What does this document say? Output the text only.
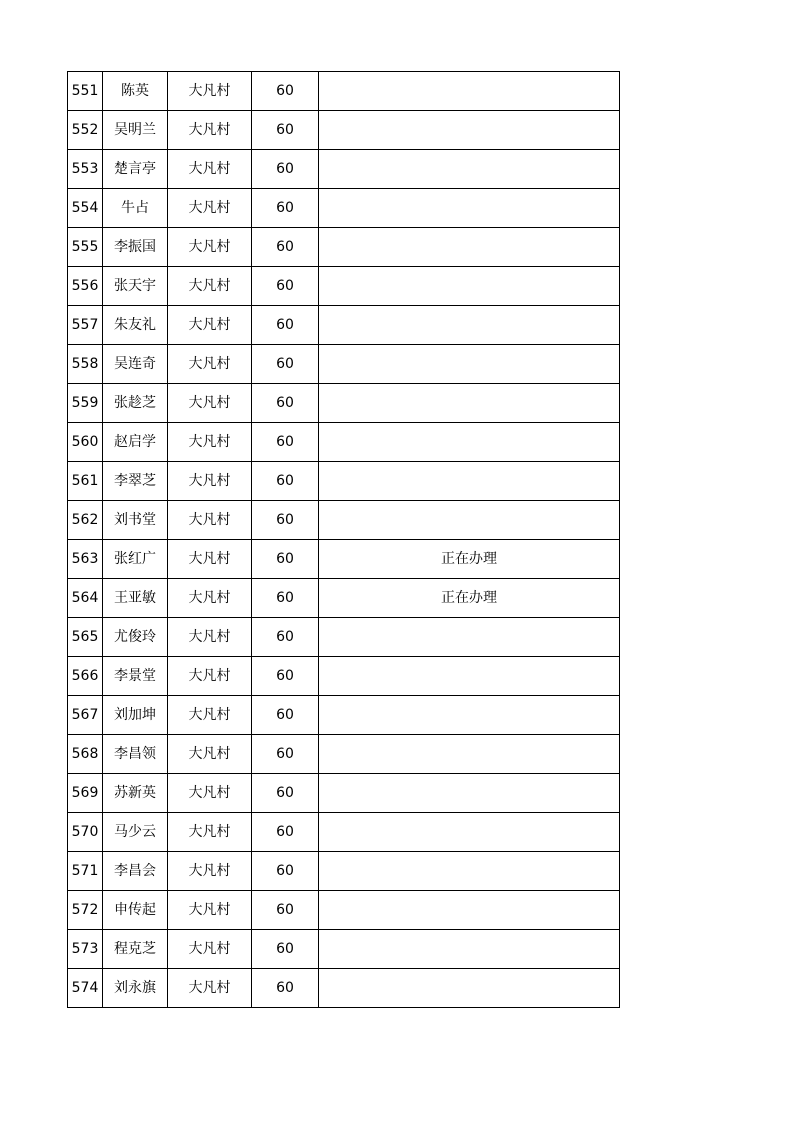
551	陈英	大凡村	60	
552	吴明兰	大凡村	60	
553	楚言亭	大凡村	60	
554	牛占	大凡村	60	
555	李振国	大凡村	60	
556	张天宇	大凡村	60	
557	朱友礼	大凡村	60	
558	吴连奇	大凡村	60	
559	张趁芝	大凡村	60	
560	赵启学	大凡村	60	
561	李翠芝	大凡村	60	
562	刘书堂	大凡村	60	
563	张红广	大凡村	60	正在办理
564	王亚敏	大凡村	60	正在办理
565	尤俊玲	大凡村	60	
566	李景堂	大凡村	60	
567	刘加坤	大凡村	60	
568	李昌领	大凡村	60	
569	苏新英	大凡村	60	
570	马少云	大凡村	60	
571	李昌会	大凡村	60	
572	申传起	大凡村	60	
573	程克芝	大凡村	60	
574	刘永旗	大凡村	60	
